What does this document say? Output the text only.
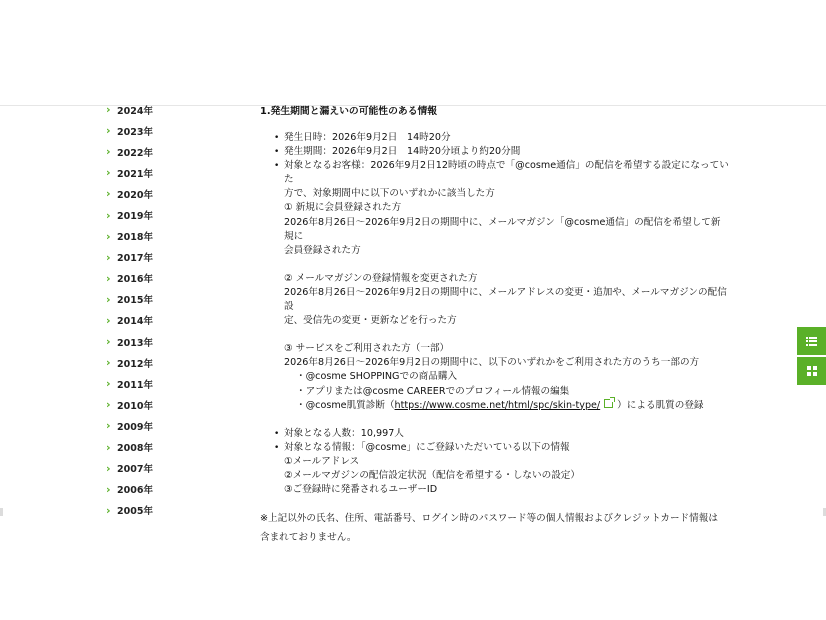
› 2024年
› 2023年
› 2022年
› 2021年
› 2020年
› 2019年
› 2018年
› 2017年
› 2016年
› 2015年
› 2014年
› 2013年
› 2012年
› 2011年
› 2010年
› 2009年
› 2008年
› 2007年
› 2006年
› 2005年
1.発生期間と漏えいの可能性のある情報
• 発生日時：2026年9月2日　14時20分
• 発生期間：2026年9月2日　14時20分頃より約20分間
• 対象となるお客様：2026年9月2日12時頃の時点で「@cosme通信」の配信を希望する設定になっていた
方で、対象期間中に以下のいずれかに該当した方
① 新規に会員登録された方
2026年8月26日～2026年9月2日の期間中に、メールマガジン「@cosme通信」の配信を希望して新規に
会員登録された方
② メールマガジンの登録情報を変更された方
2026年8月26日～2026年9月2日の期間中に、メールアドレスの変更・追加や、メールマガジンの配信設
定、受信先の変更・更新などを行った方
③ サービスをご利用された方（一部）
2026年8月26日～2026年9月2日の期間中に、以下のいずれかをご利用された方のうち一部の方
・@cosme SHOPPINGでの商品購入
・アプリまたは@cosme CAREERでのプロフィール情報の編集
・@cosme肌質診断（https://www.cosme.net/html/spc/skin-type/ ）による肌質の登録
• 対象となる人数：10,997人
• 対象となる情報：「@cosme」にご登録いただいている以下の情報
①メールアドレス
②メールマガジンの配信設定状況（配信を希望する・しないの設定）
③ご登録時に発番されるユーザーID
※上記以外の氏名、住所、電話番号、ログイン時のパスワード等の個人情報およびクレジットカード情報は
含まれておりません。
